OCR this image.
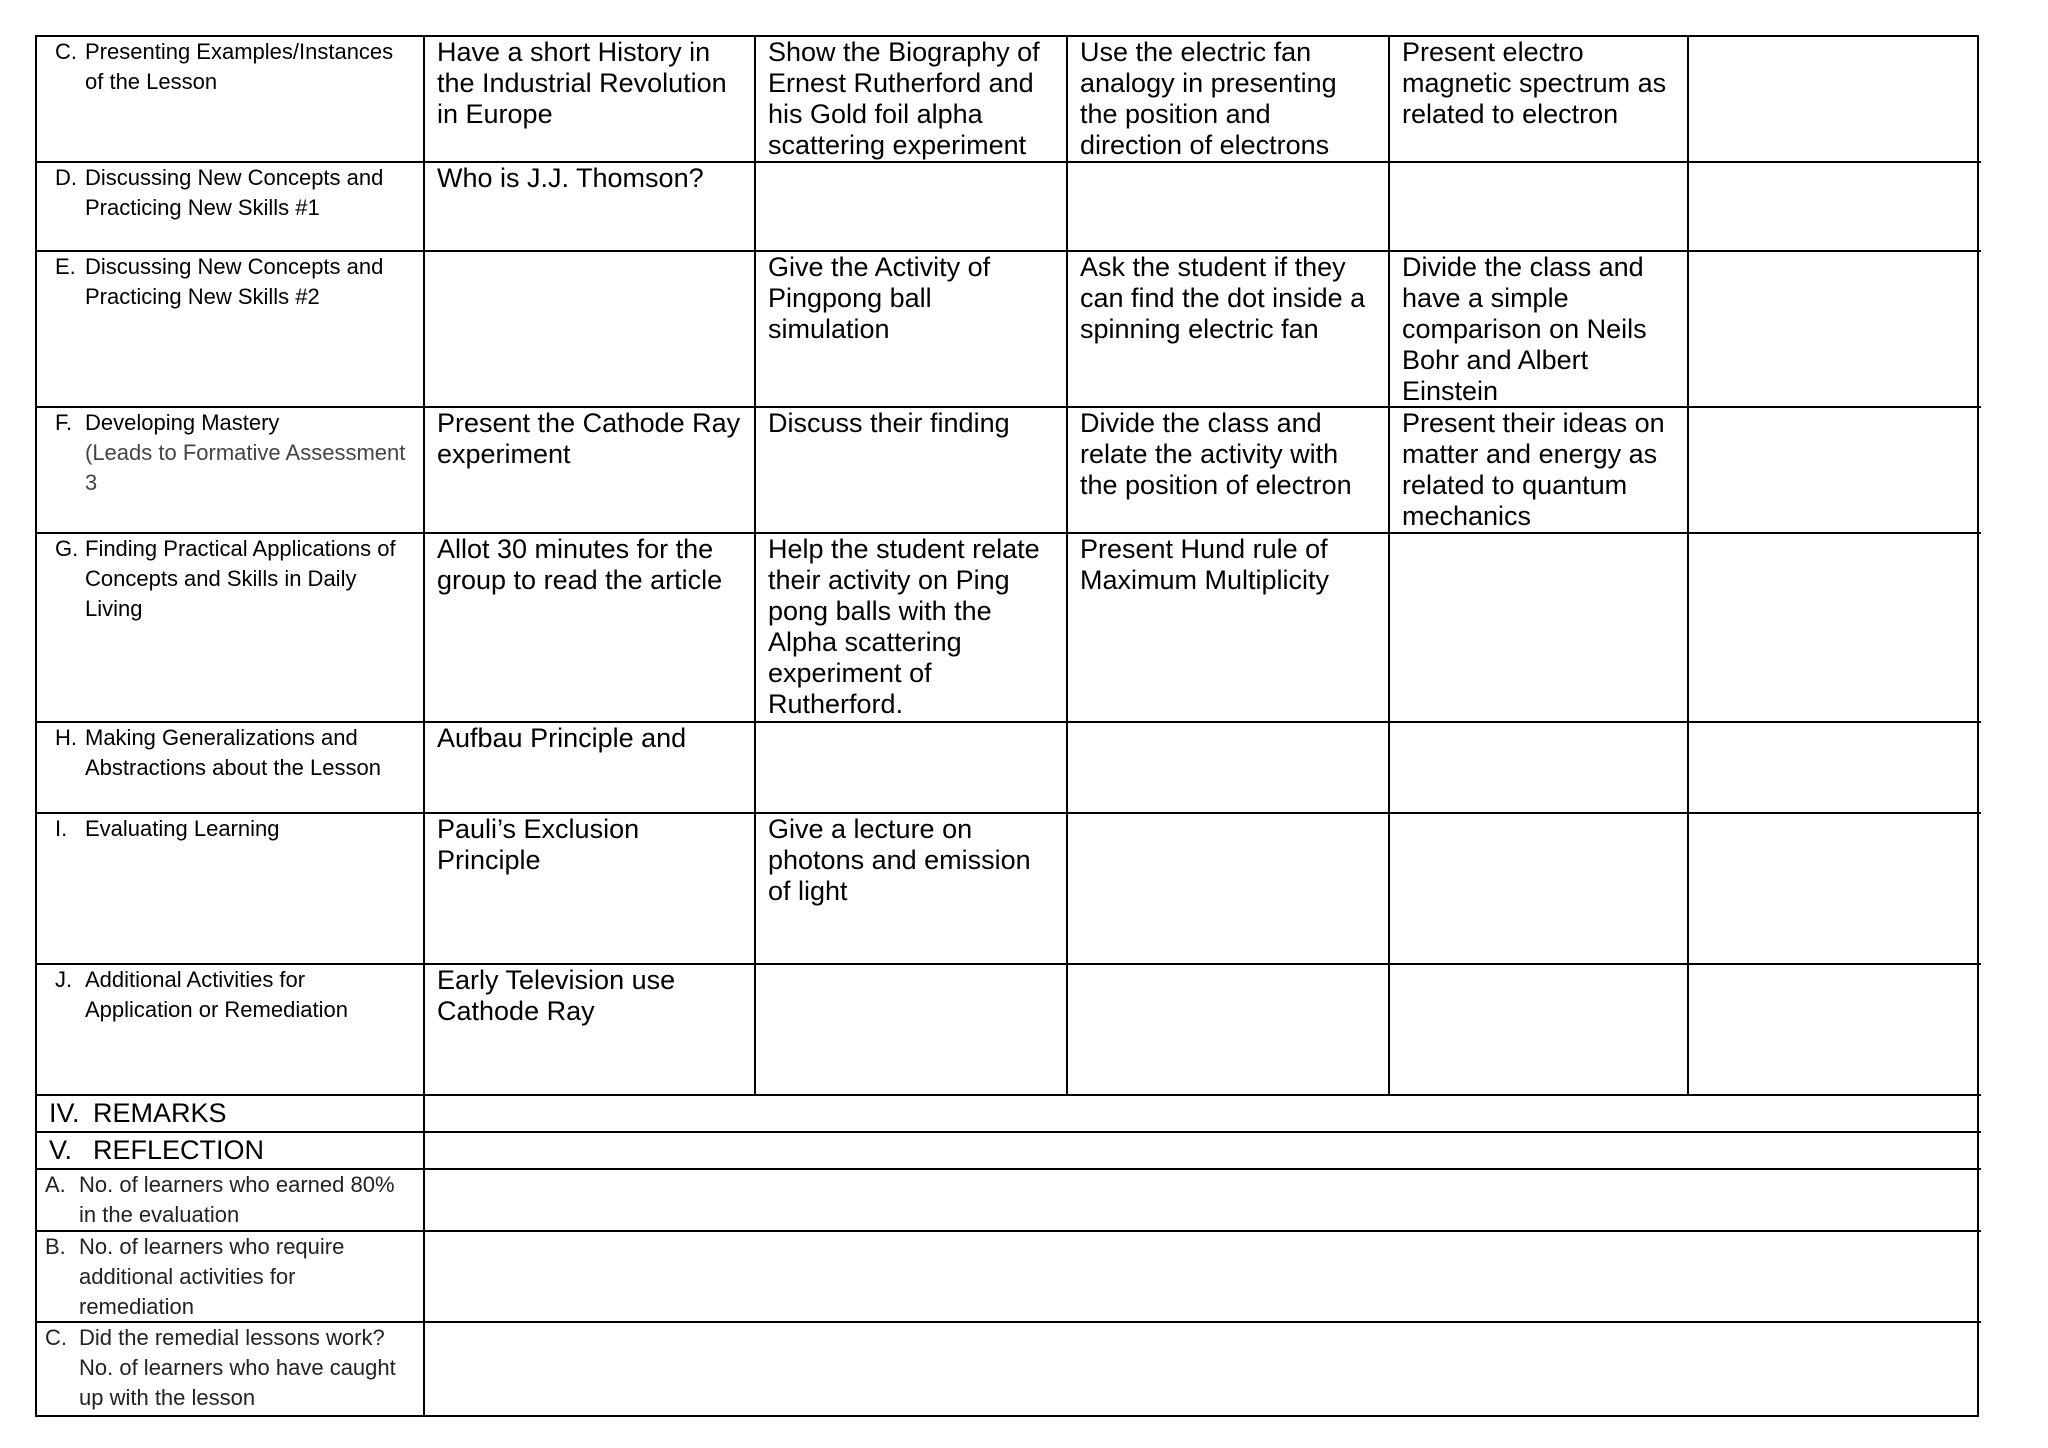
C. Presenting Examples/Instances of the Lesson
Have a short History in the Industrial Revolution in Europe
Show the Biography of Ernest Rutherford and his Gold foil alpha scattering experiment
Use the electric fan analogy in presenting the position and direction of electrons
Present electro magnetic spectrum as related to electron
D. Discussing New Concepts and Practicing New Skills #1
Who is J.J. Thomson?
E. Discussing New Concepts and Practicing New Skills #2
Give the Activity of Pingpong ball simulation
Ask the student if they can find the dot inside a spinning electric fan
Divide the class and have a simple comparison on Neils Bohr and Albert Einstein
F. Developing Mastery
(Leads to Formative Assessment 3
Present the Cathode Ray experiment
Discuss their finding	Divide the class and relate the activity with the position of electron
Present their ideas on matter and energy as related to quantum mechanics
G. Finding Practical Applications of Concepts and Skills in Daily Living
Allot 30 minutes for the group to read the article
Help the student relate their activity on Ping pong balls with the Alpha scattering experiment of Rutherford.
Present Hund rule of Maximum Multiplicity
H. Making Generalizations and Abstractions about the Lesson
Aufbau Principle and
I. Evaluating Learning	Pauli’s Exclusion Principle
Give a lecture on photons and emission of light
J. Additional Activities for Application or Remediation
Early Television use Cathode Ray
IV. REMARKS
V. REFLECTION
A. No. of learners who earned 80% in the evaluation
B. No. of learners who require additional activities for remediation
C. Did the remedial lessons work? No. of learners who have caught up with the lesson
